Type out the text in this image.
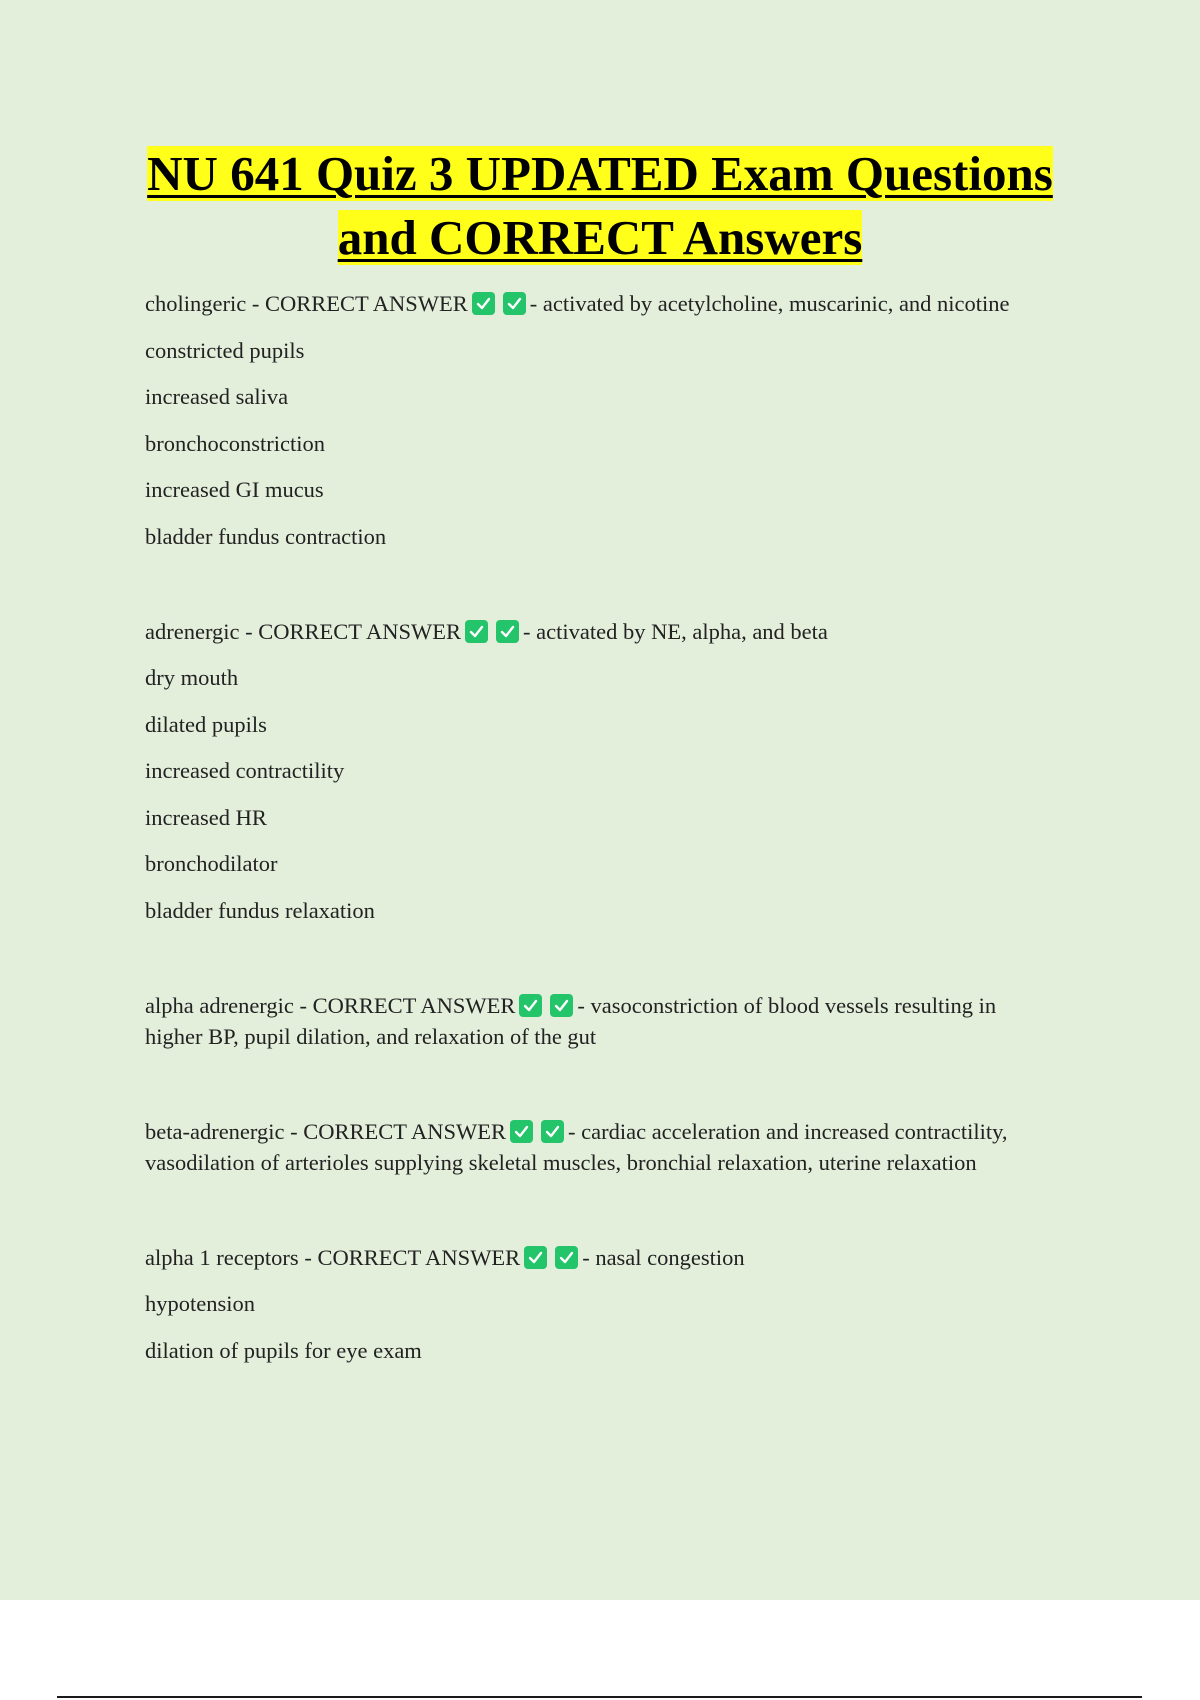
NU 641 Quiz 3 UPDATED Exam Questions
and CORRECT Answers
cholingeric - CORRECT ANSWER	- activated by acetylcholine, muscarinic, and nicotine
constricted pupils
increased saliva
bronchoconstriction
increased GI mucus
bladder fundus contraction
adrenergic - CORRECT ANSWER	- activated by NE, alpha, and beta
dry mouth
dilated pupils
increased contractility
increased HR
bronchodilator
bladder fundus relaxation
alpha adrenergic - CORRECT ANSWER	- vasoconstriction of blood vessels resulting in
higher BP, pupil dilation, and relaxation of the gut
beta-adrenergic - CORRECT ANSWER	- cardiac acceleration and increased contractility,
vasodilation of arterioles supplying skeletal muscles, bronchial relaxation, uterine relaxation
alpha 1 receptors - CORRECT ANSWER	- nasal congestion
hypotension
dilation of pupils for eye exam
